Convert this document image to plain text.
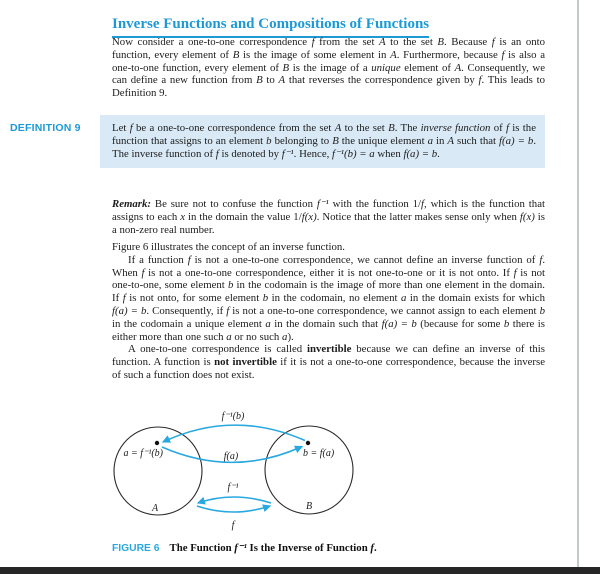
Inverse Functions and Compositions of Functions

Now consider a one-to-one correspondence f from the set A to the set B. Because f is an onto function, every element of B is the image of some element in A. Furthermore, because f is also a one-to-one function, every element of B is the image of a unique element of A. Consequently, we can define a new function from B to A that reverses the correspondence given by f. This leads to Definition 9.

DEFINITION 9	Let f be a one-to-one correspondence from the set A to the set B. The inverse function of f is the function that assigns to an element b belonging to B the unique element a in A such that f(a) = b. The inverse function of f is denoted by f⁻¹. Hence, f⁻¹(b) = a when f(a) = b.

Remark: Be sure not to confuse the function f⁻¹ with the function 1/f, which is the function that assigns to each x in the domain the value 1/f(x). Notice that the latter makes sense only when f(x) is a non-zero real number.

Figure 6 illustrates the concept of an inverse function.

If a function f is not a one-to-one correspondence, we cannot define an inverse function of f. When f is not a one-to-one correspondence, either it is not one-to-one or it is not onto. If f is not one-to-one, some element b in the codomain is the image of more than one element in the domain. If f is not onto, for some element b in the codomain, no element a in the domain exists for which f(a) = b. Consequently, if f is not a one-to-one correspondence, we cannot assign to each element b in the codomain a unique element a in the domain such that f(a) = b (because for some b there is either more than one such a or no such a).

A one-to-one correspondence is called invertible because we can define an inverse of this function. A function is not invertible if it is not a one-to-one correspondence, because the inverse of such a function does not exist.

f⁻¹(b)
f(a)
a = f⁻¹(b)	b = f(a)
A	B
f⁻¹
f
FIGURE 6 The Function f⁻¹ Is the Inverse of Function f.
